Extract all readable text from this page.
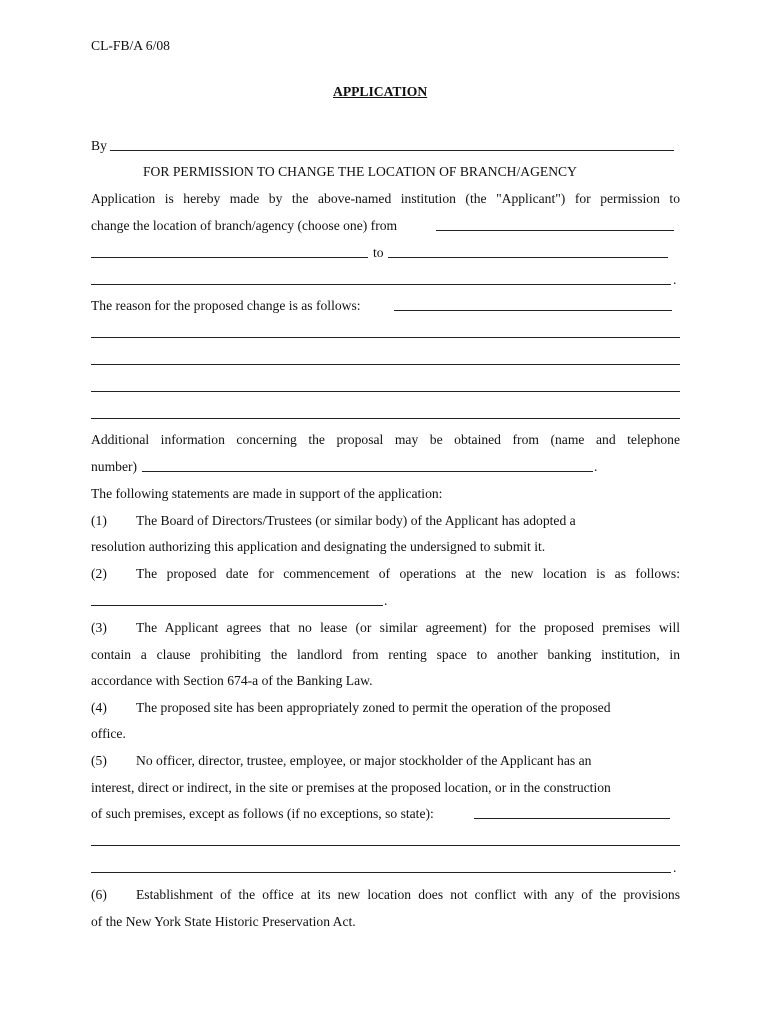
CL-FB/A 6/08
APPLICATION
By
FOR PERMISSION TO CHANGE THE LOCATION OF BRANCH/AGENCY
Application is hereby made by the above-named institution (the "Applicant") for permission to
change the location of branch/agency (choose one) from
to
.
The reason for the proposed change is as follows:
Additional information concerning the proposal may be obtained from (name and telephone
number)	.
The following statements are made in support of the application:
(1) The Board of Directors/Trustees (or similar body) of the Applicant has adopted a
resolution authorizing this application and designating the undersigned to submit it.
(2) The proposed date for commencement of operations at the new location is as follows:
.
(3) The Applicant agrees that no lease (or similar agreement) for the proposed premises will
contain a clause prohibiting the landlord from renting space to another banking institution, in
accordance with Section 674-a of the Banking Law.
(4) The proposed site has been appropriately zoned to permit the operation of the proposed
office.
(5) No officer, director, trustee, employee, or major stockholder of the Applicant has an
interest, direct or indirect, in the site or premises at the proposed location, or in the construction
of such premises, except as follows (if no exceptions, so state):
.
(6) Establishment of the office at its new location does not conflict with any of the provisions
of the New York State Historic Preservation Act.
